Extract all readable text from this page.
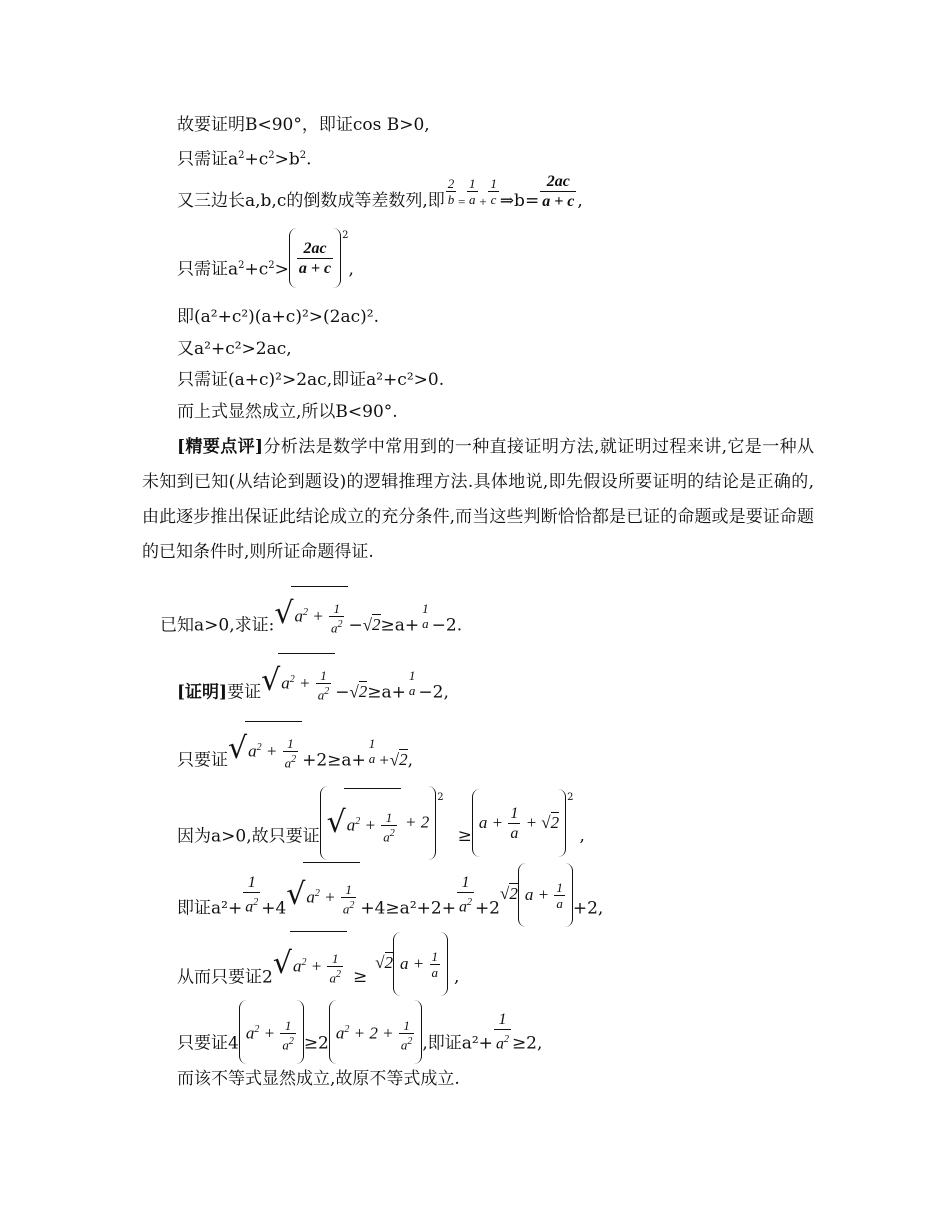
故要证明B<90°，即证cos B>0,
只需证$a^2+c^2>b^2$.
又三边长a,b,c的倒数成等差数列,即 $\frac{2}{b} = \frac{1}{a} + \frac{1}{c}$ ⇒b= $\frac{2ac}{a + c}$ ,
只需证$a^2+c^2> \frac{2ac}{a + c}$
$^2$,
即(a²+c²)(a+c)²>(2ac)².
又a²+c²>2ac,
只需证(a+c)²>2ac,即证a²+c²>0.
而上式显然成立,所以B<90°.
[精要点评]分析法是数学中常用到的一种直接证明方法,就证明过程来讲,它是一种从未知到已知(从结论到题设)的逻辑推理方法.具体地说,即先假设所要证明的结论是正确的,由此逐步推出保证此结论成立的充分条件,而当这些判断恰恰都是已证的命题或是要证命题的已知条件时,则所证命题得证.
已知a>0,求证$:√a^2 + \frac{1}{a^2} -√2\ge a+$
1
a −2.
[证明]要证$√a^2 + \frac{1}{a^2} -√2\ge a+$
1
a −2,
只要证$√a^2 + \frac{1}{a^2} +2\ge a+$
1
a +√2,
因为a>0,故只要证 $√a^2 + \frac{1}{a^2} + 2^2\ge a + \frac{1}{a} + √2^2$,
即证$a^2+ \frac{1}{a^2} +4√a^2 + \frac{1}{a^2} +4\ge a^2+2+ \frac{1}{a^2} +2√2$ $a + \frac{1}{a} +2$,
从而只要证$2√a^2 + \frac{1}{a^2} \ge√2$ $a + \frac{1}{a}$ ,
只要证$4a^2 + \frac{1}{a^2} \ge 2a^2 + 2 + \frac{1}{a^2}$ ,即证$a^2+ \frac{1}{a^2} \ge 2$,
而该不等式显然成立,故原不等式成立.
